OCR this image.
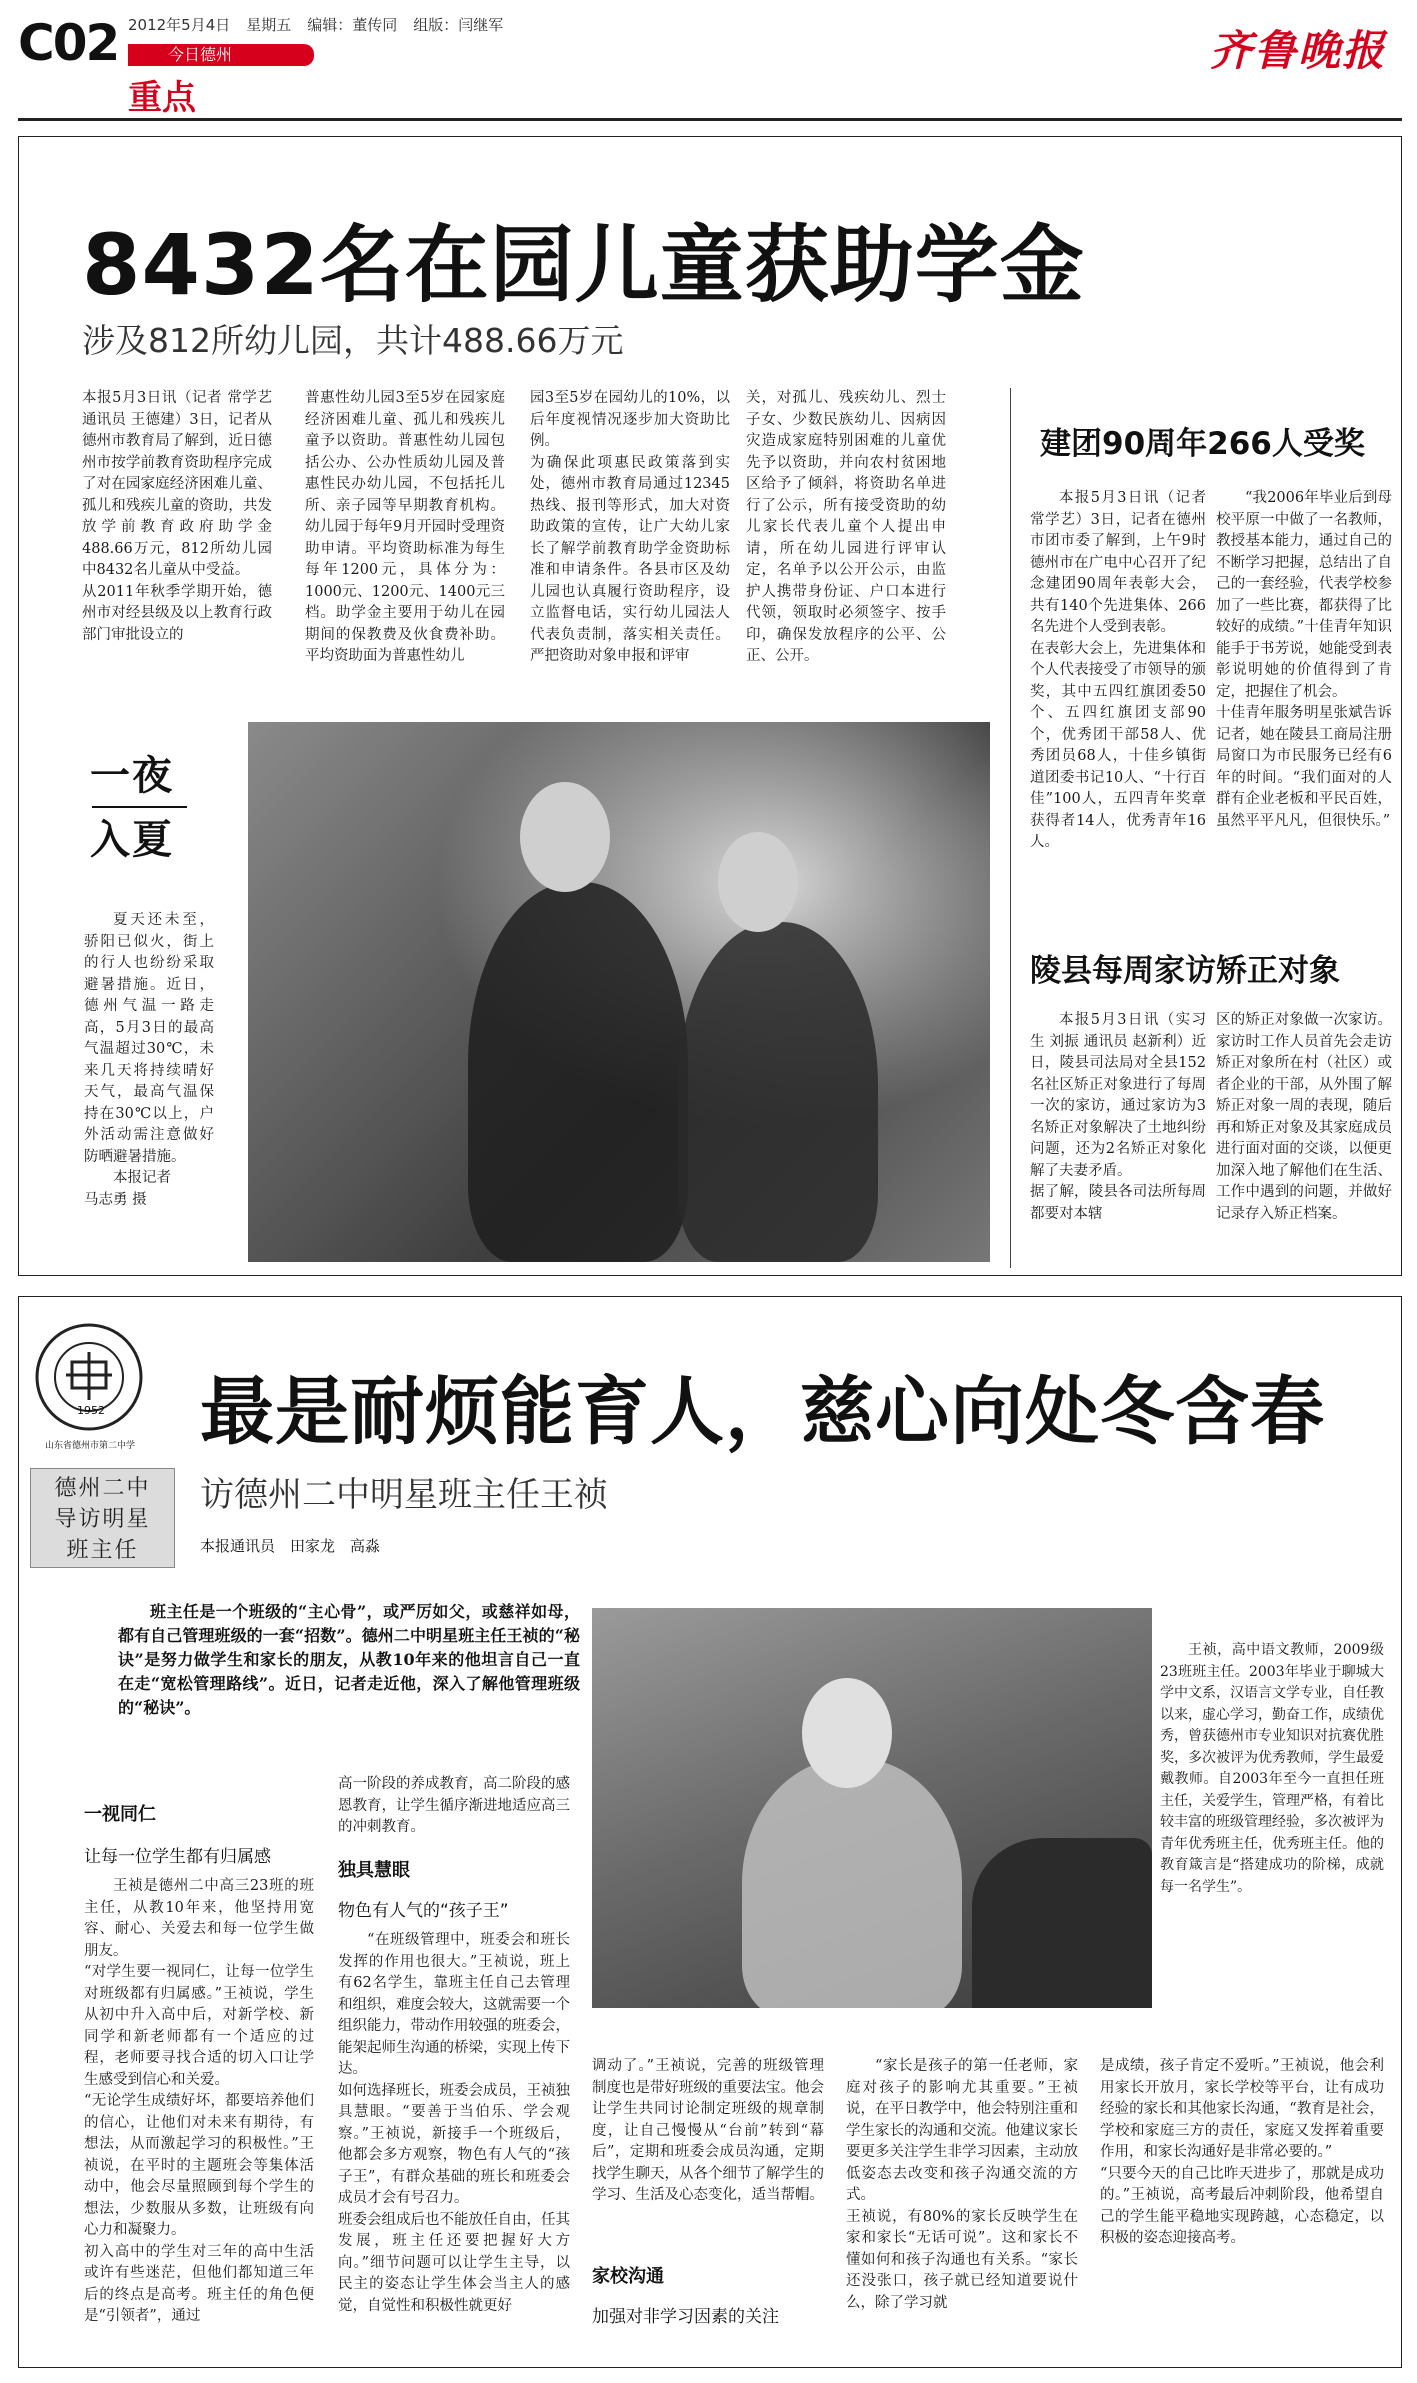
C02 2012年5月4日 星期五 编辑：董传同 组版：闫继军
今日德州
重点
齐鲁晚报
8432名在园儿童获助学金
涉及812所幼儿园，共计488.66万元

本报5月3日讯（记者 常学艺 通讯员 王德建）3日，记者从德州市教育局了解到，近日德州市按学前教育资助程序完成了对在园家庭经济困难儿童、孤儿和残疾儿童的资助，共发放学前教育政府助学金488.66万元，812所幼儿园中8432名儿童从中受益。
从2011年秋季学期开始，德州市对经县级及以上教育行政部门审批设立的

普惠性幼儿园3至5岁在园家庭经济困难儿童、孤儿和残疾儿童予以资助。普惠性幼儿园包括公办、公办性质幼儿园及普惠性民办幼儿园，不包括托儿所、亲子园等早期教育机构。幼儿园于每年9月开园时受理资助申请。平均资助标准为每生每年1200元，具体分为：1000元、1200元、1400元三档。助学金主要用于幼儿在园期间的保教费及伙食费补助。平均资助面为普惠性幼儿

园3至5岁在园幼儿的10%，以后年度视情况逐步加大资助比例。
为确保此项惠民政策落到实处，德州市教育局通过12345热线、报刊等形式，加大对资助政策的宣传，让广大幼儿家长了解学前教育助学金资助标准和申请条件。各县市区及幼儿园也认真履行资助程序，设立监督电话，实行幼儿园法人代表负责制，落实相关责任。严把资助对象申报和评审

关，对孤儿、残疾幼儿、烈士子女、少数民族幼儿、因病因灾造成家庭特别困难的儿童优先予以资助，并向农村贫困地区给予了倾斜，将资助名单进行了公示，所有接受资助的幼儿家长代表儿童个人提出申请，所在幼儿园进行评审认定，名单予以公开公示，由监护人携带身份证、户口本进行代领，领取时必须签字、按手印，确保发放程序的公平、公正、公开。

一夜
入夏

夏天还未至，骄阳已似火，街上的行人也纷纷采取避暑措施。近日，德州气温一路走高，5月3日的最高气温超过30℃，未来几天将持续晴好天气，最高气温保持在30℃以上，户外活动需注意做好防晒避暑措施。

本报记者

马志勇 摄

建团90周年266人受奖

本报5月3日讯（记者 常学艺）3日，记者在德州市团市委了解到，上午9时德州市在广电中心召开了纪念建团90周年表彰大会，共有140个先进集体、266名先进个人受到表彰。
在表彰大会上，先进集体和个人代表接受了市领导的颁奖，其中五四红旗团委50个、五四红旗团支部90个，优秀团干部58人、优秀团员68人，十佳乡镇街道团委书记10人、“十行百佳”100人，五四青年奖章获得者14人，优秀青年16人。

“我2006年毕业后到母校平原一中做了一名教师，教授基本能力，通过自己的不断学习把握，总结出了自己的一套经验，代表学校参加了一些比赛，都获得了比较好的成绩。”十佳青年知识能手于书芳说，她能受到表彰说明她的价值得到了肯定，把握住了机会。
十佳青年服务明星张斌告诉记者，她在陵县工商局注册局窗口为市民服务已经有6年的时间。“我们面对的人群有企业老板和平民百姓，虽然平平凡凡，但很快乐。”

陵县每周家访矫正对象

本报5月3日讯（实习生 刘振 通讯员 赵新利）近日，陵县司法局对全县152名社区矫正对象进行了每周一次的家访，通过家访为3名矫正对象解决了土地纠纷问题，还为2名矫正对象化解了夫妻矛盾。
据了解，陵县各司法所每周都要对本辖

区的矫正对象做一次家访。家访时工作人员首先会走访矫正对象所在村（社区）或者企业的干部，从外围了解矫正对象一周的表现，随后再和矫正对象及其家庭成员进行面对面的交谈，以便更加深入地了解他们在生活、工作中遇到的问题，并做好记录存入矫正档案。

1952
山东省德州市第二中学 最是耐烦能育人，慈心向处冬含春
访德州二中明星班主任王祯
本报通讯员　田家龙　高淼
德州二中
导访明星
班主任

班主任是一个班级的“主心骨”，或严厉如父，或慈祥如母，都有自己管理班级的一套“招数”。德州二中明星班主任王祯的“秘诀”是努力做学生和家长的朋友，从教10年来的他坦言自己一直在走“宽松管理路线”。近日，记者走近他，深入了解他管理班级的“秘诀”。

王祯，高中语文教师，2009级23班班主任。2003年毕业于聊城大学中文系，汉语言文学专业，自任教以来，虚心学习，勤奋工作，成绩优秀，曾获德州市专业知识对抗赛优胜奖，多次被评为优秀教师，学生最爱戴教师。自2003年至今一直担任班主任，关爱学生，管理严格，有着比较丰富的班级管理经验，多次被评为青年优秀班主任，优秀班主任。他的教育箴言是“搭建成功的阶梯，成就每一名学生”。

一视同仁
让每一位学生都有归属感

王祯是德州二中高三23班的班主任，从教10年来，他坚持用宽容、耐心、关爱去和每一位学生做朋友。
“对学生要一视同仁，让每一位学生对班级都有归属感。”王祯说，学生从初中升入高中后，对新学校、新同学和新老师都有一个适应的过程，老师要寻找合适的切入口让学生感受到信心和关爱。
“无论学生成绩好坏，都要培养他们的信心，让他们对未来有期待，有想法，从而激起学习的积极性。”王祯说，在平时的主题班会等集体活动中，他会尽量照顾到每个学生的想法，少数服从多数，让班级有向心力和凝聚力。
初入高中的学生对三年的高中生活或许有些迷茫，但他们都知道三年后的终点是高考。班主任的角色便是“引领者”，通过

高一阶段的养成教育，高二阶段的感恩教育，让学生循序渐进地适应高三的冲刺教育。

独具慧眼
物色有人气的“孩子王”

“在班级管理中，班委会和班长发挥的作用也很大。”王祯说，班上有62名学生，靠班主任自己去管理和组织，难度会较大，这就需要一个组织能力，带动作用较强的班委会，能架起师生沟通的桥梁，实现上传下达。
如何选择班长，班委会成员，王祯独具慧眼。“要善于当伯乐、学会观察。”王祯说，新接手一个班级后，他都会多方观察，物色有人气的“孩子王”，有群众基础的班长和班委会成员才会有号召力。
班委会组成后也不能放任自由，任其发展，班主任还要把握好大方向。”细节问题可以让学生主导，以民主的姿态让学生体会当主人的感觉，自觉性和积极性就更好

调动了。”王祯说，完善的班级管理制度也是带好班级的重要法宝。他会让学生共同讨论制定班级的规章制度，让自己慢慢从“台前”转到“幕后”，定期和班委会成员沟通，定期找学生聊天，从各个细节了解学生的学习、生活及心态变化，适当帮帽。

家校沟通
加强对非学习因素的关注

“家长是孩子的第一任老师，家庭对孩子的影响尤其重要。”王祯说，在平日教学中，他会特别注重和学生家长的沟通和交流。他建议家长要更多关注学生非学习因素，主动放低姿态去改变和孩子沟通交流的方式。
王祯说，有80%的家长反映学生在家和家长“无话可说”。这和家长不懂如何和孩子沟通也有关系。“家长还没张口，孩子就已经知道要说什么，除了学习就

是成绩，孩子肯定不爱听。”王祯说，他会利用家长开放月，家长学校等平台，让有成功经验的家长和其他家长沟通，“教育是社会，学校和家庭三方的责任，家庭又发挥着重要作用，和家长沟通好是非常必要的。”
“只要今天的自己比昨天进步了，那就是成功的。”王祯说，高考最后冲刺阶段，他希望自己的学生能平稳地实现跨越，心态稳定，以积极的姿态迎接高考。
